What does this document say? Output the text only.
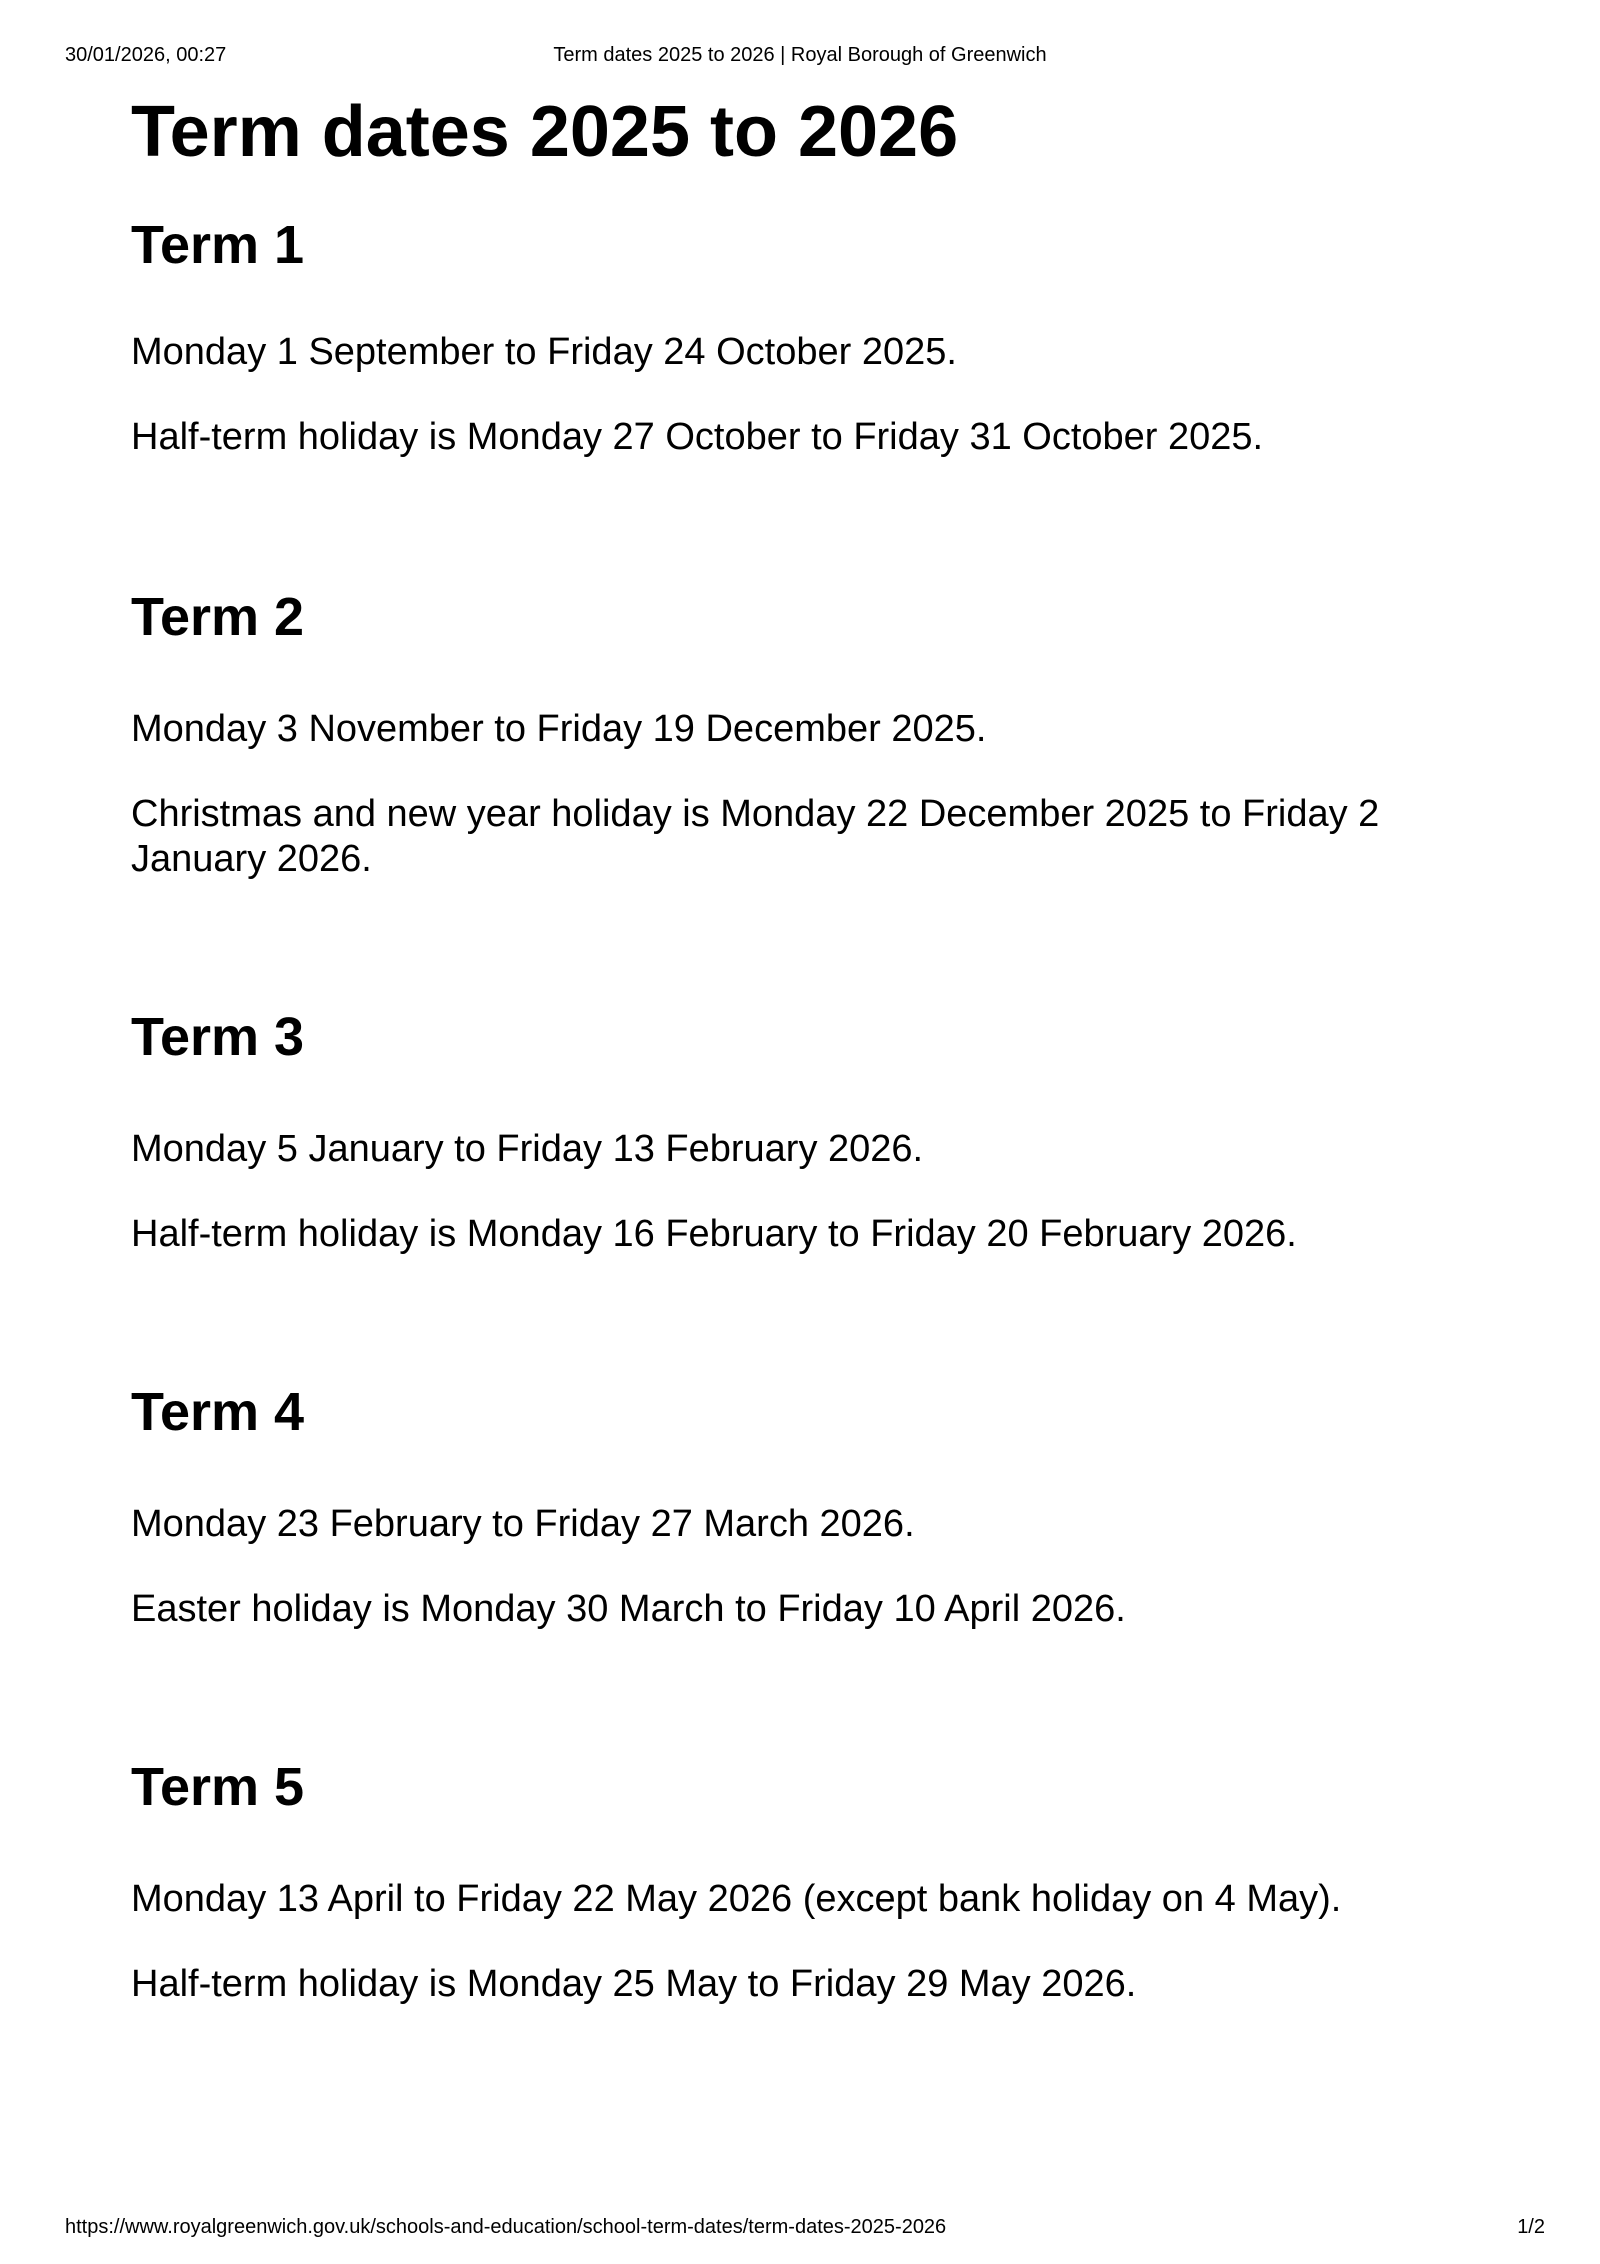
30/01/2026, 00:27	Term dates 2025 to 2026 | Royal Borough of Greenwich
Term dates 2025 to 2026
Term 1

Monday 1 September to Friday 24 October 2025.

Half-term holiday is Monday 27 October to Friday 31 October 2025.

Term 2

Monday 3 November to Friday 19 December 2025.

Christmas and new year holiday is Monday 22 December 2025 to Friday 2 January 2026.

Term 3

Monday 5 January to Friday 13 February 2026.

Half-term holiday is Monday 16 February to Friday 20 February 2026.

Term 4

Monday 23 February to Friday 27 March 2026.

Easter holiday is Monday 30 March to Friday 10 April 2026.

Term 5

Monday 13 April to Friday 22 May 2026 (except bank holiday on 4 May).

Half-term holiday is Monday 25 May to Friday 29 May 2026.

https://www.royalgreenwich.gov.uk/schools-and-education/school-term-dates/term-dates-2025-2026	1/2
